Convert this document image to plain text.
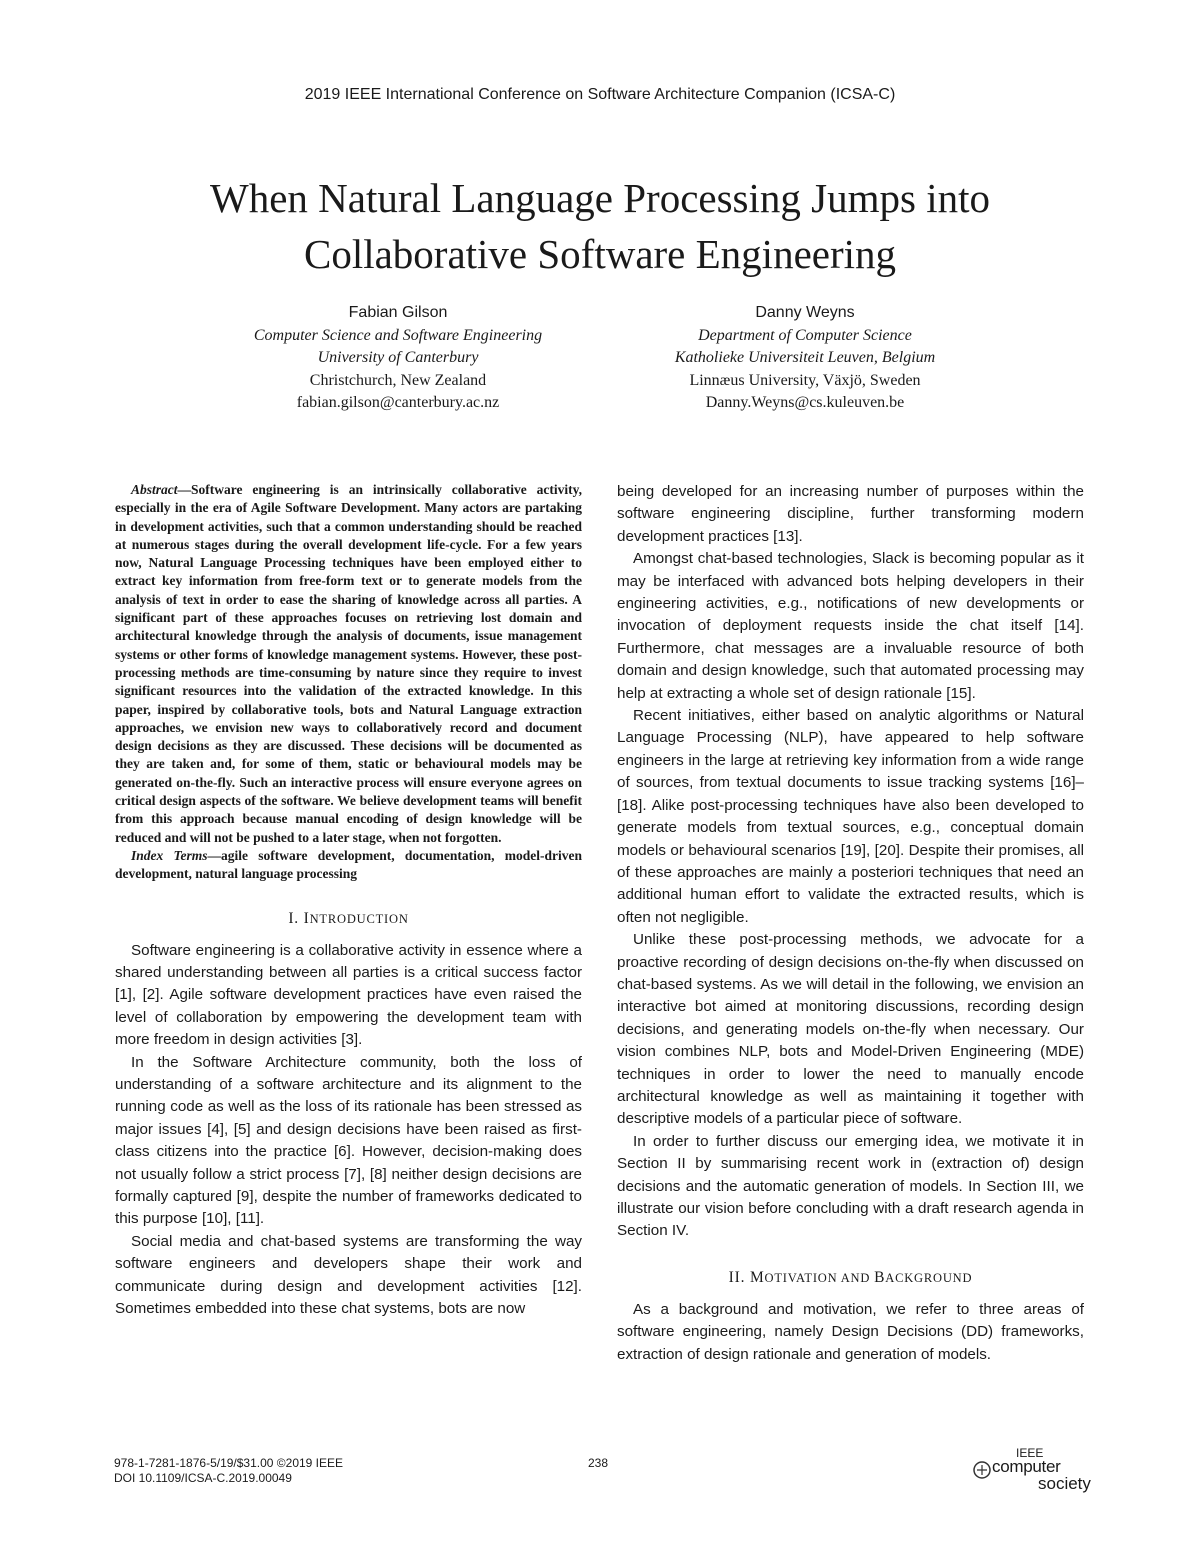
2019 IEEE International Conference on Software Architecture Companion (ICSA-C)
When Natural Language Processing Jumps into
Collaborative Software Engineering
Fabian Gilson
Computer Science and Software Engineering
University of Canterbury
Christchurch, New Zealand
fabian.gilson@canterbury.ac.nz
Danny Weyns
Department of Computer Science
Katholieke Universiteit Leuven, Belgium
Linnæus University, Växjö, Sweden
Danny.Weyns@cs.kuleuven.be

Abstract—Software engineering is an intrinsically collaborative activity, especially in the era of Agile Software Development. Many actors are partaking in development activities, such that a common understanding should be reached at numerous stages during the overall development life-cycle. For a few years now, Natural Language Processing techniques have been employed either to extract key information from free-form text or to generate models from the analysis of text in order to ease the sharing of knowledge across all parties. A significant part of these approaches focuses on retrieving lost domain and architectural knowledge through the analysis of documents, issue management systems or other forms of knowledge management systems. However, these post-processing methods are time-consuming by nature since they require to invest significant resources into the validation of the extracted knowledge. In this paper, inspired by collaborative tools, bots and Natural Language extraction approaches, we envision new ways to collaboratively record and document design decisions as they are discussed. These decisions will be documented as they are taken and, for some of them, static or behavioural models may be generated on-the-fly. Such an interactive process will ensure everyone agrees on critical design aspects of the software. We believe development teams will benefit from this approach because manual encoding of design knowledge will be reduced and will not be pushed to a later stage, when not forgotten.

Index Terms—agile software development, documentation, model-driven development, natural language processing

I. INTRODUCTION

Software engineering is a collaborative activity in essence where a shared understanding between all parties is a critical success factor [1], [2]. Agile software development practices have even raised the level of collaboration by empowering the development team with more freedom in design activities [3].

In the Software Architecture community, both the loss of understanding of a software architecture and its alignment to the running code as well as the loss of its rationale has been stressed as major issues [4], [5] and design decisions have been raised as first-class citizens into the practice [6]. However, decision-making does not usually follow a strict process [7], [8] neither design decisions are formally captured [9], despite the number of frameworks dedicated to this purpose [10], [11].

Social media and chat-based systems are transforming the way software engineers and developers shape their work and communicate during design and development activities [12]. Sometimes embedded into these chat systems, bots are now

being developed for an increasing number of purposes within the software engineering discipline, further transforming modern development practices [13].

Amongst chat-based technologies, Slack is becoming popular as it may be interfaced with advanced bots helping developers in their engineering activities, e.g., notifications of new developments or invocation of deployment requests inside the chat itself [14]. Furthermore, chat messages are a invaluable resource of both domain and design knowledge, such that automated processing may help at extracting a whole set of design rationale [15].

Recent initiatives, either based on analytic algorithms or Natural Language Processing (NLP), have appeared to help software engineers in the large at retrieving key information from a wide range of sources, from textual documents to issue tracking systems [16]–[18]. Alike post-processing techniques have also been developed to generate models from textual sources, e.g., conceptual domain models or behavioural scenarios [19], [20]. Despite their promises, all of these approaches are mainly a posteriori techniques that need an additional human effort to validate the extracted results, which is often not negligible.

Unlike these post-processing methods, we advocate for a proactive recording of design decisions on-the-fly when discussed on chat-based systems. As we will detail in the following, we envision an interactive bot aimed at monitoring discussions, recording design decisions, and generating models on-the-fly when necessary. Our vision combines NLP, bots and Model-Driven Engineering (MDE) techniques in order to lower the need to manually encode architectural knowledge as well as maintaining it together with descriptive models of a particular piece of software.

In order to further discuss our emerging idea, we motivate it in Section II by summarising recent work in (extraction of) design decisions and the automatic generation of models. In Section III, we illustrate our vision before concluding with a draft research agenda in Section IV.

II. MOTIVATION AND BACKGROUND

As a background and motivation, we refer to three areas of software engineering, namely Design Decisions (DD) frameworks, extraction of design rationale and generation of models.

978-1-7281-1876-5/19/$31.00 ©2019 IEEE
DOI 10.1109/ICSA-C.2019.00049
238
IEEE
computer
society
